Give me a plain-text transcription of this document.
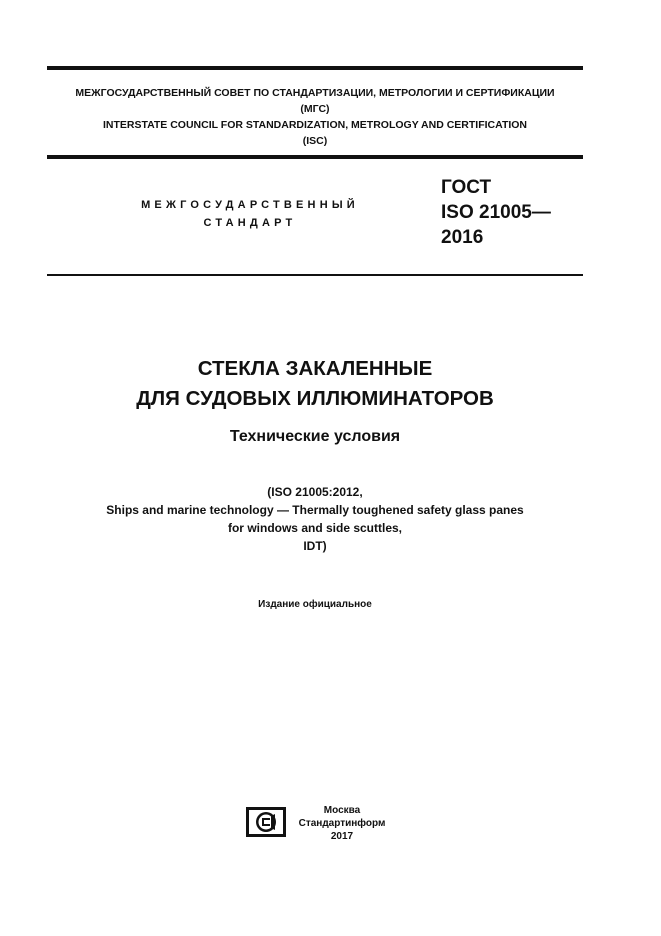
МЕЖГОСУДАРСТВЕННЫЙ СОВЕТ ПО СТАНДАРТИЗАЦИИ, МЕТРОЛОГИИ И СЕРТИФИКАЦИИ
(МГС)
INTERSTATE COUNCIL FOR STANDARDIZATION, METROLOGY AND CERTIFICATION
(ISC)
МЕЖГОСУДАРСТВЕННЫЙ
СТАНДАРТ
ГОСТ
ISO 21005—
2016
СТЕКЛА ЗАКАЛЕННЫЕ
ДЛЯ СУДОВЫХ ИЛЛЮМИНАТОРОВ
Технические условия
(ISO 21005:2012,
Ships and marine technology — Thermally toughened safety glass panes
for windows and side scuttles,
IDT)
Издание официальное
Москва
Стандартинформ
2017
